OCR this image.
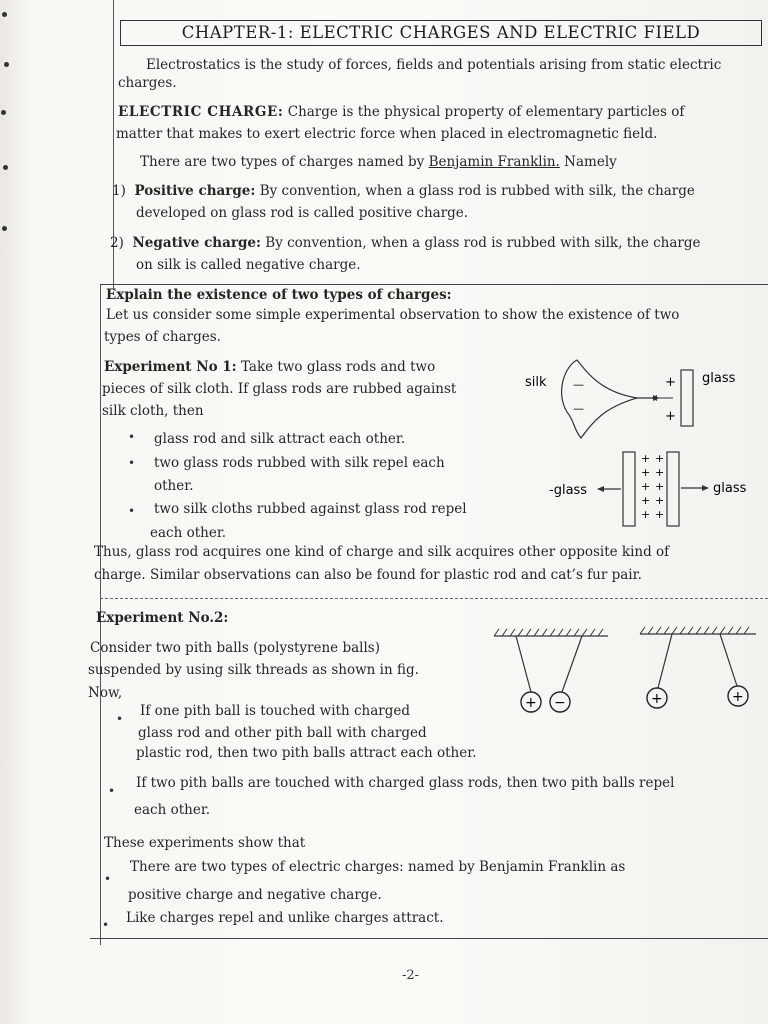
CHAPTER-1: ELECTRIC CHARGES AND ELECTRIC FIELD
Electrostatics is the study of forces, fields and potentials arising from static electric
charges.
ELECTRIC CHARGE: Charge is the physical property of elementary particles of
matter that makes to exert electric force when placed in electromagnetic field.
There are two types of charges named by Benjamin Franklin. Namely
1) Positive charge: By convention, when a glass rod is rubbed with silk, the charge
developed on glass rod is called positive charge.
2) Negative charge: By convention, when a glass rod is rubbed with silk, the charge
on silk is called negative charge.
Explain the existence of two types of charges:
Let us consider some simple experimental observation to show the existence of two
types of charges.
Experiment No 1: Take two glass rods and two
pieces of silk cloth. If glass rods are rubbed against
silk cloth, then
• glass rod and silk attract each other.
• two glass rods rubbed with silk repel each
other.
• two silk cloths rubbed against glass rod repel
each other.
silk —
—
+
+
glass
+
+
+
+
+
+
+
+
+
+
-glass	glass
Thus, glass rod acquires one kind of charge and silk acquires other opposite kind of
charge. Similar observations can also be found for plastic rod and cat’s fur pair.
Experiment No.2:
Consider two pith balls (polystyrene balls)
suspended by using silk threads as shown in fig.
Now,
• If one pith ball is touched with charged
glass rod and other pith ball with charged
plastic rod, then two pith balls attract each other.
• If two pith balls are touched with charged glass rods, then two pith balls repel
each other.
+ −	+	+
These experiments show that
•
There are two types of electric charges: named by Benjamin Franklin as
positive charge and negative charge.
• Like charges repel and unlike charges attract.
-2-
